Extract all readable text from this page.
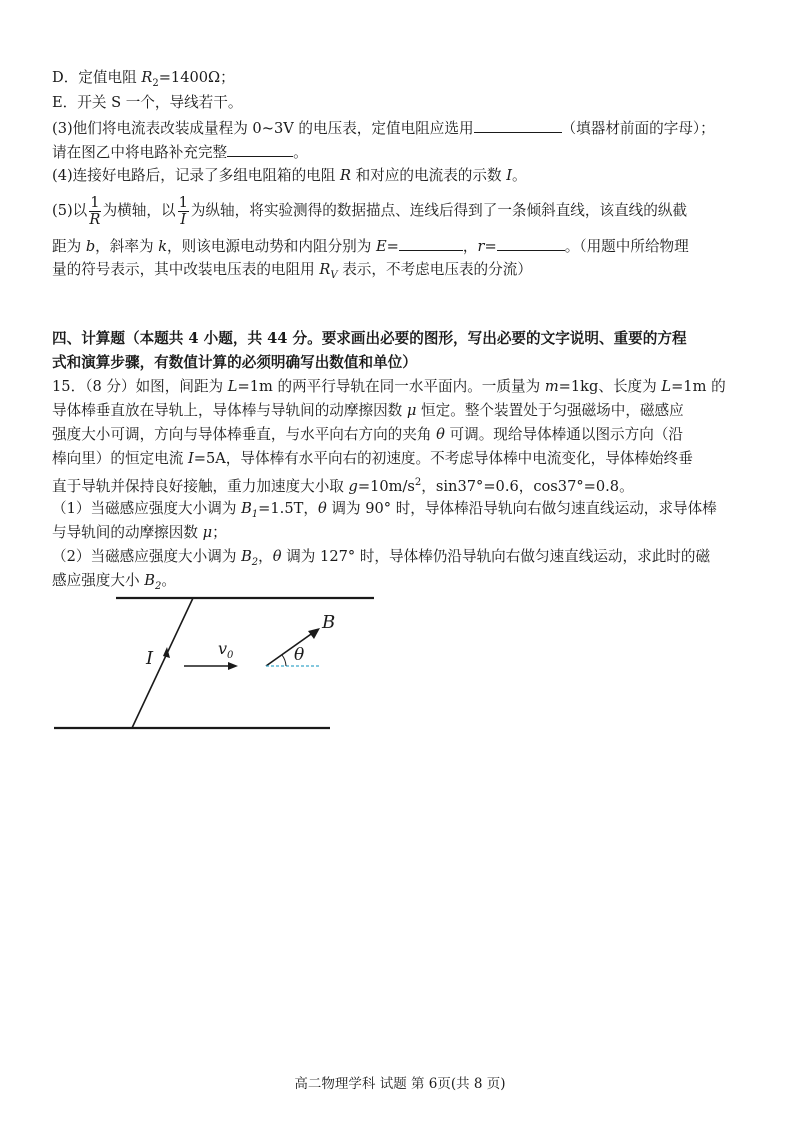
D．定值电阻 $R_2=1400\Omega$；
E．开关 S 一个，导线若干。
(3)他们将电流表改装成量程为 0~3V 的电压表，定值电阻应选用	（填器材前面的字母）；
请在图乙中将电路补充完整	。
(4)连接好电路后，记录了多组电阻箱的电阻 R 和对应的电流表的示数 I。
(5)以 $\frac{1}{R}$ 为横轴，以 $\frac{1}{I}$ 为纵轴，将实验测得的数据描点、连线后得到了一条倾斜直线，该直线的纵截
距为 b，斜率为 k，则该电源电动势和内阻分别为 E=	，r=	。（用题中所给物理
量的符号表示，其中改装电压表的电阻用 $R_V$ 表示，不考虑电压表的分流）
四、计算题（本题共 4 小题，共 44 分。要求画出必要的图形，写出必要的文字说明、重要的方程
式和演算步骤，有数值计算的必须明确写出数值和单位）
15．（8 分）如图，间距为 L=1m 的两平行导轨在同一水平面内。一质量为 m=1kg、长度为 L=1m 的
导体棒垂直放在导轨上，导体棒与导轨间的动摩擦因数 μ 恒定。整个装置处于匀强磁场中，磁感应
强度大小可调，方向与导体棒垂直，与水平向右方向的夹角 θ 可调。现给导体棒通以图示方向（沿
棒向里）的恒定电流 I=5A，导体棒有水平向右的初速度。不考虑导体棒中电流变化，导体棒始终垂
直于导轨并保持良好接触，重力加速度大小取 $g=10m/s^2$，sin37°=0.6，cos37°=0.8。
（1）当磁感应强度大小调为 $B_1=1.5T$，θ 调为 90° 时，导体棒沿导轨向右做匀速直线运动，求导体棒
与导轨间的动摩擦因数 μ；
（2）当磁感应强度大小调为 $B_2$，θ 调为 127° 时，导体棒仍沿导轨向右做匀速直线运动，求此时的磁
感应强度大小 $B_2$。
I	$v_0$
B
θ
高二物理学科 试题 第 6页(共 8 页)
